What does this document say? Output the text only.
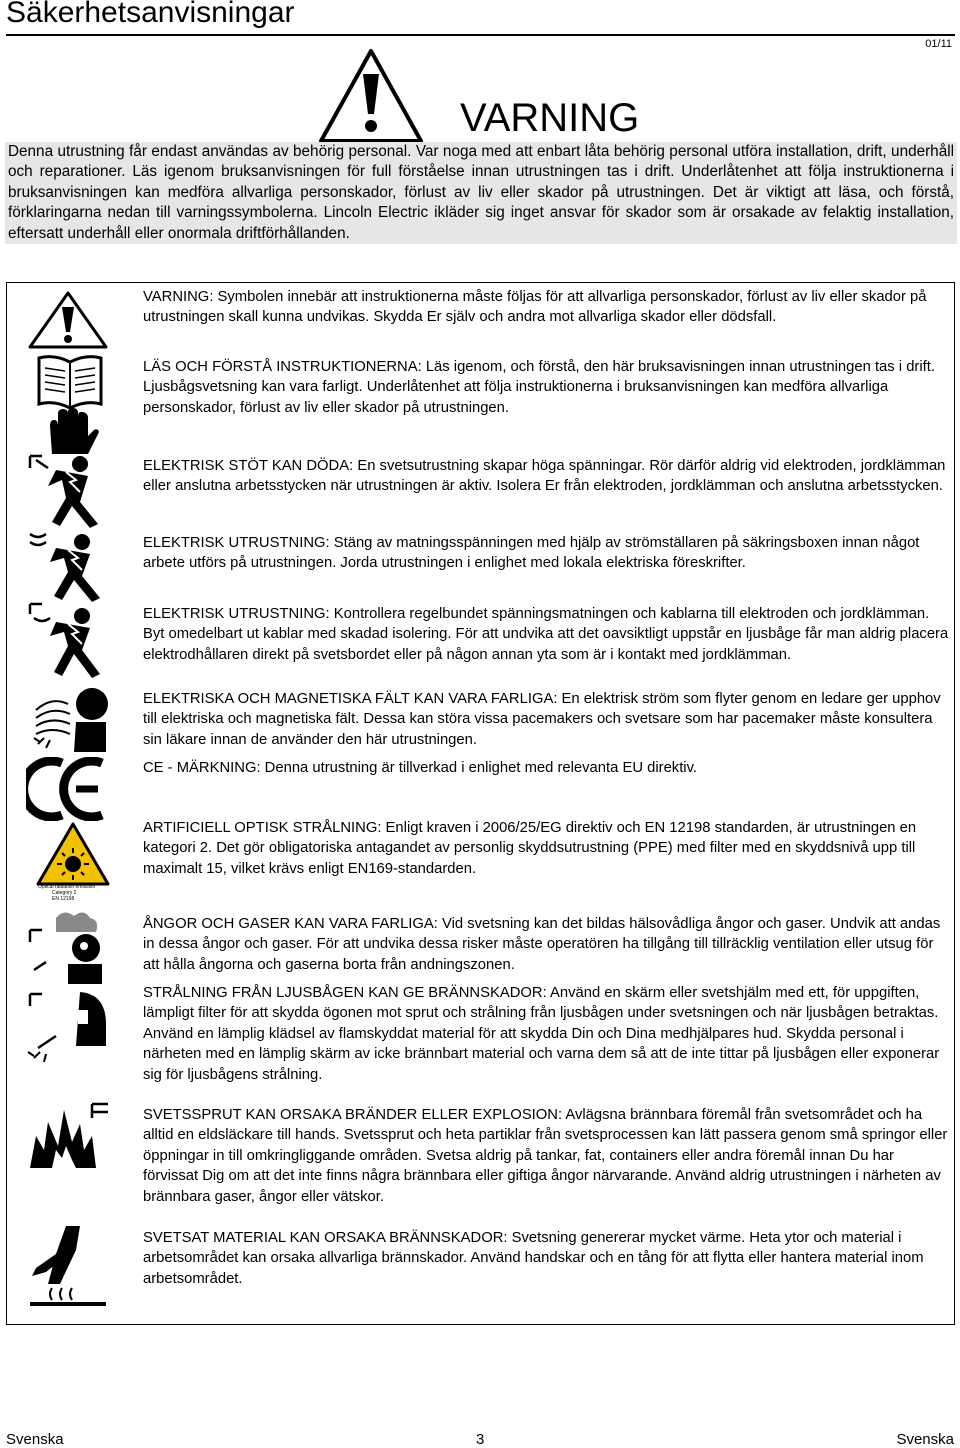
Säkerhetsanvisningar
01/11
VARNING

Denna utrustning får endast användas av behörig personal. Var noga med att enbart låta behörig personal utföra installation, drift, underhåll och reparationer. Läs igenom bruksanvisningen för full förståelse innan utrustningen tas i drift. Underlåtenhet att följa instruktionerna i bruksanvisningen kan medföra allvarliga personskador, förlust av liv eller skador på utrustningen. Det är viktigt att läsa, och förstå, förklaringarna nedan till varningssymbolerna. Lincoln Electric ikläder sig inget ansvar för skador som är orsakade av felaktig installation, eftersatt underhåll eller onormala driftförhållanden.

Optical radiation emission
Category 2
EN 12198

VARNING: Symbolen innebär att instruktionerna måste följas för att allvarliga personskador, förlust av liv eller skador på utrustningen skall kunna undvikas. Skydda Er själv och andra mot allvarliga skador eller dödsfall.

LÄS OCH FÖRSTÅ INSTRUKTIONERNA: Läs igenom, och förstå, den här bruksavisningen innan utrustningen tas i drift. Ljusbågsvetsning kan vara farligt. Underlåtenhet att följa instruktionerna i bruksanvisningen kan medföra allvarliga personskador, förlust av liv eller skador på utrustningen.

ELEKTRISK STÖT KAN DÖDA: En svetsutrustning skapar höga spänningar. Rör därför aldrig vid elektroden, jordklämman eller anslutna arbetsstycken när utrustningen är aktiv. Isolera Er från elektroden, jordklämman och anslutna arbetsstycken.

ELEKTRISK UTRUSTNING: Stäng av matningsspänningen med hjälp av strömställaren på säkringsboxen innan något arbete utförs på utrustningen. Jorda utrustningen i enlighet med lokala elektriska föreskrifter.

ELEKTRISK UTRUSTNING: Kontrollera regelbundet spänningsmatningen och kablarna till elektroden och jordklämman. Byt omedelbart ut kablar med skadad isolering. För att undvika att det oavsiktligt uppstår en ljusbåge får man aldrig placera elektrodhållaren direkt på svetsbordet eller på någon annan yta som är i kontakt med jordklämman.

ELEKTRISKA OCH MAGNETISKA FÄLT KAN VARA FARLIGA: En elektrisk ström som flyter genom en ledare ger upphov till elektriska och magnetiska fält. Dessa kan störa vissa pacemakers och svetsare som har pacemaker måste konsultera sin läkare innan de använder den här utrustningen.

CE - MÄRKNING: Denna utrustning är tillverkad i enlighet med relevanta EU direktiv.

ARTIFICIELL OPTISK STRÅLNING: Enligt kraven i 2006/25/EG direktiv och EN 12198 standarden, är utrustningen en kategori 2. Det gör obligatoriska antagandet av personlig skyddsutrustning (PPE) med filter med en skyddsnivå upp till maximalt 15, vilket krävs enligt EN169-standarden.

ÅNGOR OCH GASER KAN VARA FARLIGA: Vid svetsning kan det bildas hälsovådliga ångor och gaser. Undvik att andas in dessa ångor och gaser. För att undvika dessa risker måste operatören ha tillgång till tillräcklig ventilation eller utsug för att hålla ångorna och gaserna borta från andningszonen.

STRÅLNING FRÅN LJUSBÅGEN KAN GE BRÄNNSKADOR: Använd en skärm eller svetshjälm med ett, för uppgiften, lämpligt filter för att skydda ögonen mot sprut och strålning från ljusbågen under svetsningen och när ljusbågen betraktas. Använd en lämplig klädsel av flamskyddat material för att skydda Din och Dina medhjälpares hud. Skydda personal i närheten med en lämplig skärm av icke brännbart material och varna dem så att de inte tittar på ljusbågen eller exponerar sig för ljusbågens strålning.

SVETSSPRUT KAN ORSAKA BRÄNDER ELLER EXPLOSION: Avlägsna brännbara föremål från svetsområdet och ha alltid en eldsläckare till hands. Svetssprut och heta partiklar från svetsprocessen kan lätt passera genom små springor eller öppningar in till omkringliggande områden. Svetsa aldrig på tankar, fat, containers eller andra föremål innan Du har förvissat Dig om att det inte finns några brännbara eller giftiga ångor närvarande. Använd aldrig utrustningen i närheten av brännbara gaser, ångor eller vätskor.

SVETSAT MATERIAL KAN ORSAKA BRÄNNSKADOR: Svetsning genererar mycket värme. Heta ytor och material i arbetsområdet kan orsaka allvarliga brännskador. Använd handskar och en tång för att flytta eller hantera material inom arbetsområdet.

Svenska	3	Svenska
